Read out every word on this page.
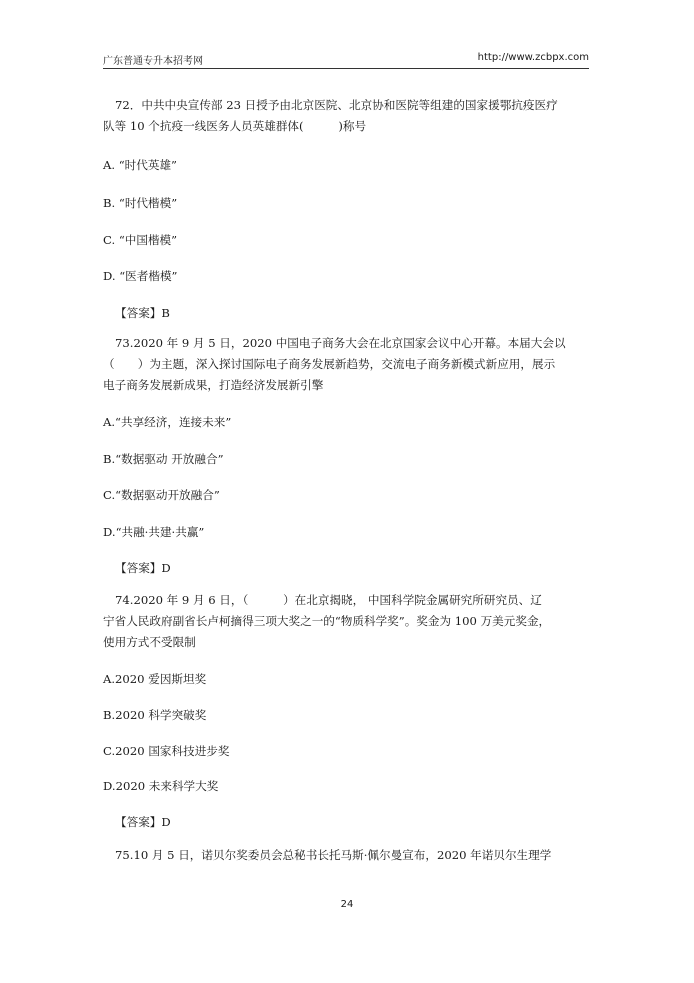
广东普通专升本招考网	http://www.zcbpx.com
72．中共中央宣传部 23 日授予由北京医院、北京协和医院等组建的国家援鄂抗疫医疗
队等 10 个抗疫一线医务人员英雄群体(　　　)称号
A. “时代英雄”
B. “时代楷模”
C. “中国楷模”
D. “医者楷模”
【答案】B
73.2020 年 9 月 5 日，2020 中国电子商务大会在北京国家会议中心开幕。本届大会以
（　　）为主题，深入探讨国际电子商务发展新趋势，交流电子商务新模式新应用，展示
电子商务发展新成果，打造经济发展新引擎
A.“共享经济，连接未来”
B.“数据驱动 开放融合”
C.“数据驱动开放融合”
D.“共融·共建·共赢”
【答案】D
74.2020 年 9 月 6 日，（　　　）在北京揭晓， 中国科学院金属研究所研究员、辽
宁省人民政府副省长卢柯摘得三项大奖之一的“物质科学奖”。奖金为 100 万美元奖金，
使用方式不受限制
A.2020 爱因斯坦奖
B.2020 科学突破奖
C.2020 国家科技进步奖
D.2020 未来科学大奖
【答案】D
75.10 月 5 日，诺贝尔奖委员会总秘书长托马斯·佩尔曼宣布，2020 年诺贝尔生理学
24
